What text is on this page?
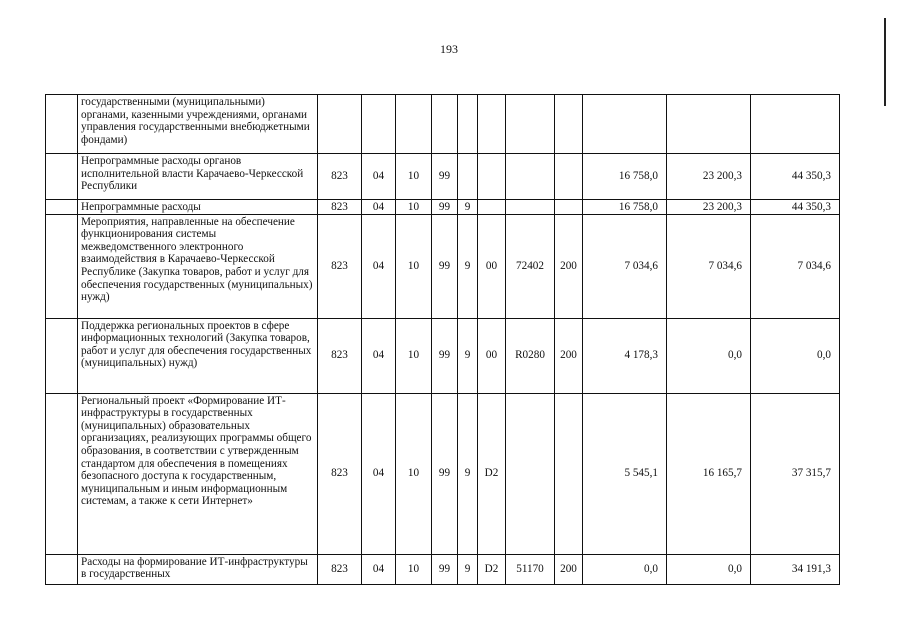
193
	государственными (муниципальными) органами, казенными учреждениями, органами управления государственными внебюджетными фондами)											
	Непрограммные расходы органов исполнительной власти Карачаево-Черкесской Республики	823	04	10	99					16 758,0	23 200,3	44 350,3
	Непрограммные расходы	823	04	10	99	9				16 758,0	23 200,3	44 350,3
	Мероприятия, направленные на обеспечение функционирования системы межведомственного электронного взаимодействия в Карачаево-Черкесской Республике (Закупка товаров, работ и услуг для обеспечения государственных (муниципальных) нужд)	823	04	10	99	9	00	72402	200	7 034,6	7 034,6	7 034,6
	Поддержка региональных проектов в сфере информационных технологий (Закупка товаров, работ и услуг для обеспечения государственных (муниципальных) нужд)	823	04	10	99	9	00	R0280	200	4 178,3	0,0	0,0
	Региональный проект «Формирование ИТ-инфраструктуры в государственных (муниципальных) образовательных организациях, реализующих программы общего образования, в соответствии с утвержденным стандартом для обеспечения в помещениях безопасного доступа к государственным, муниципальным и иным информационным системам, а также к сети Интернет»	823	04	10	99	9	D2			5 545,1	16 165,7	37 315,7
	Расходы на формирование ИТ-инфраструктуры в государственных	823	04	10	99	9	D2	51170	200	0,0	0,0	34 191,3
